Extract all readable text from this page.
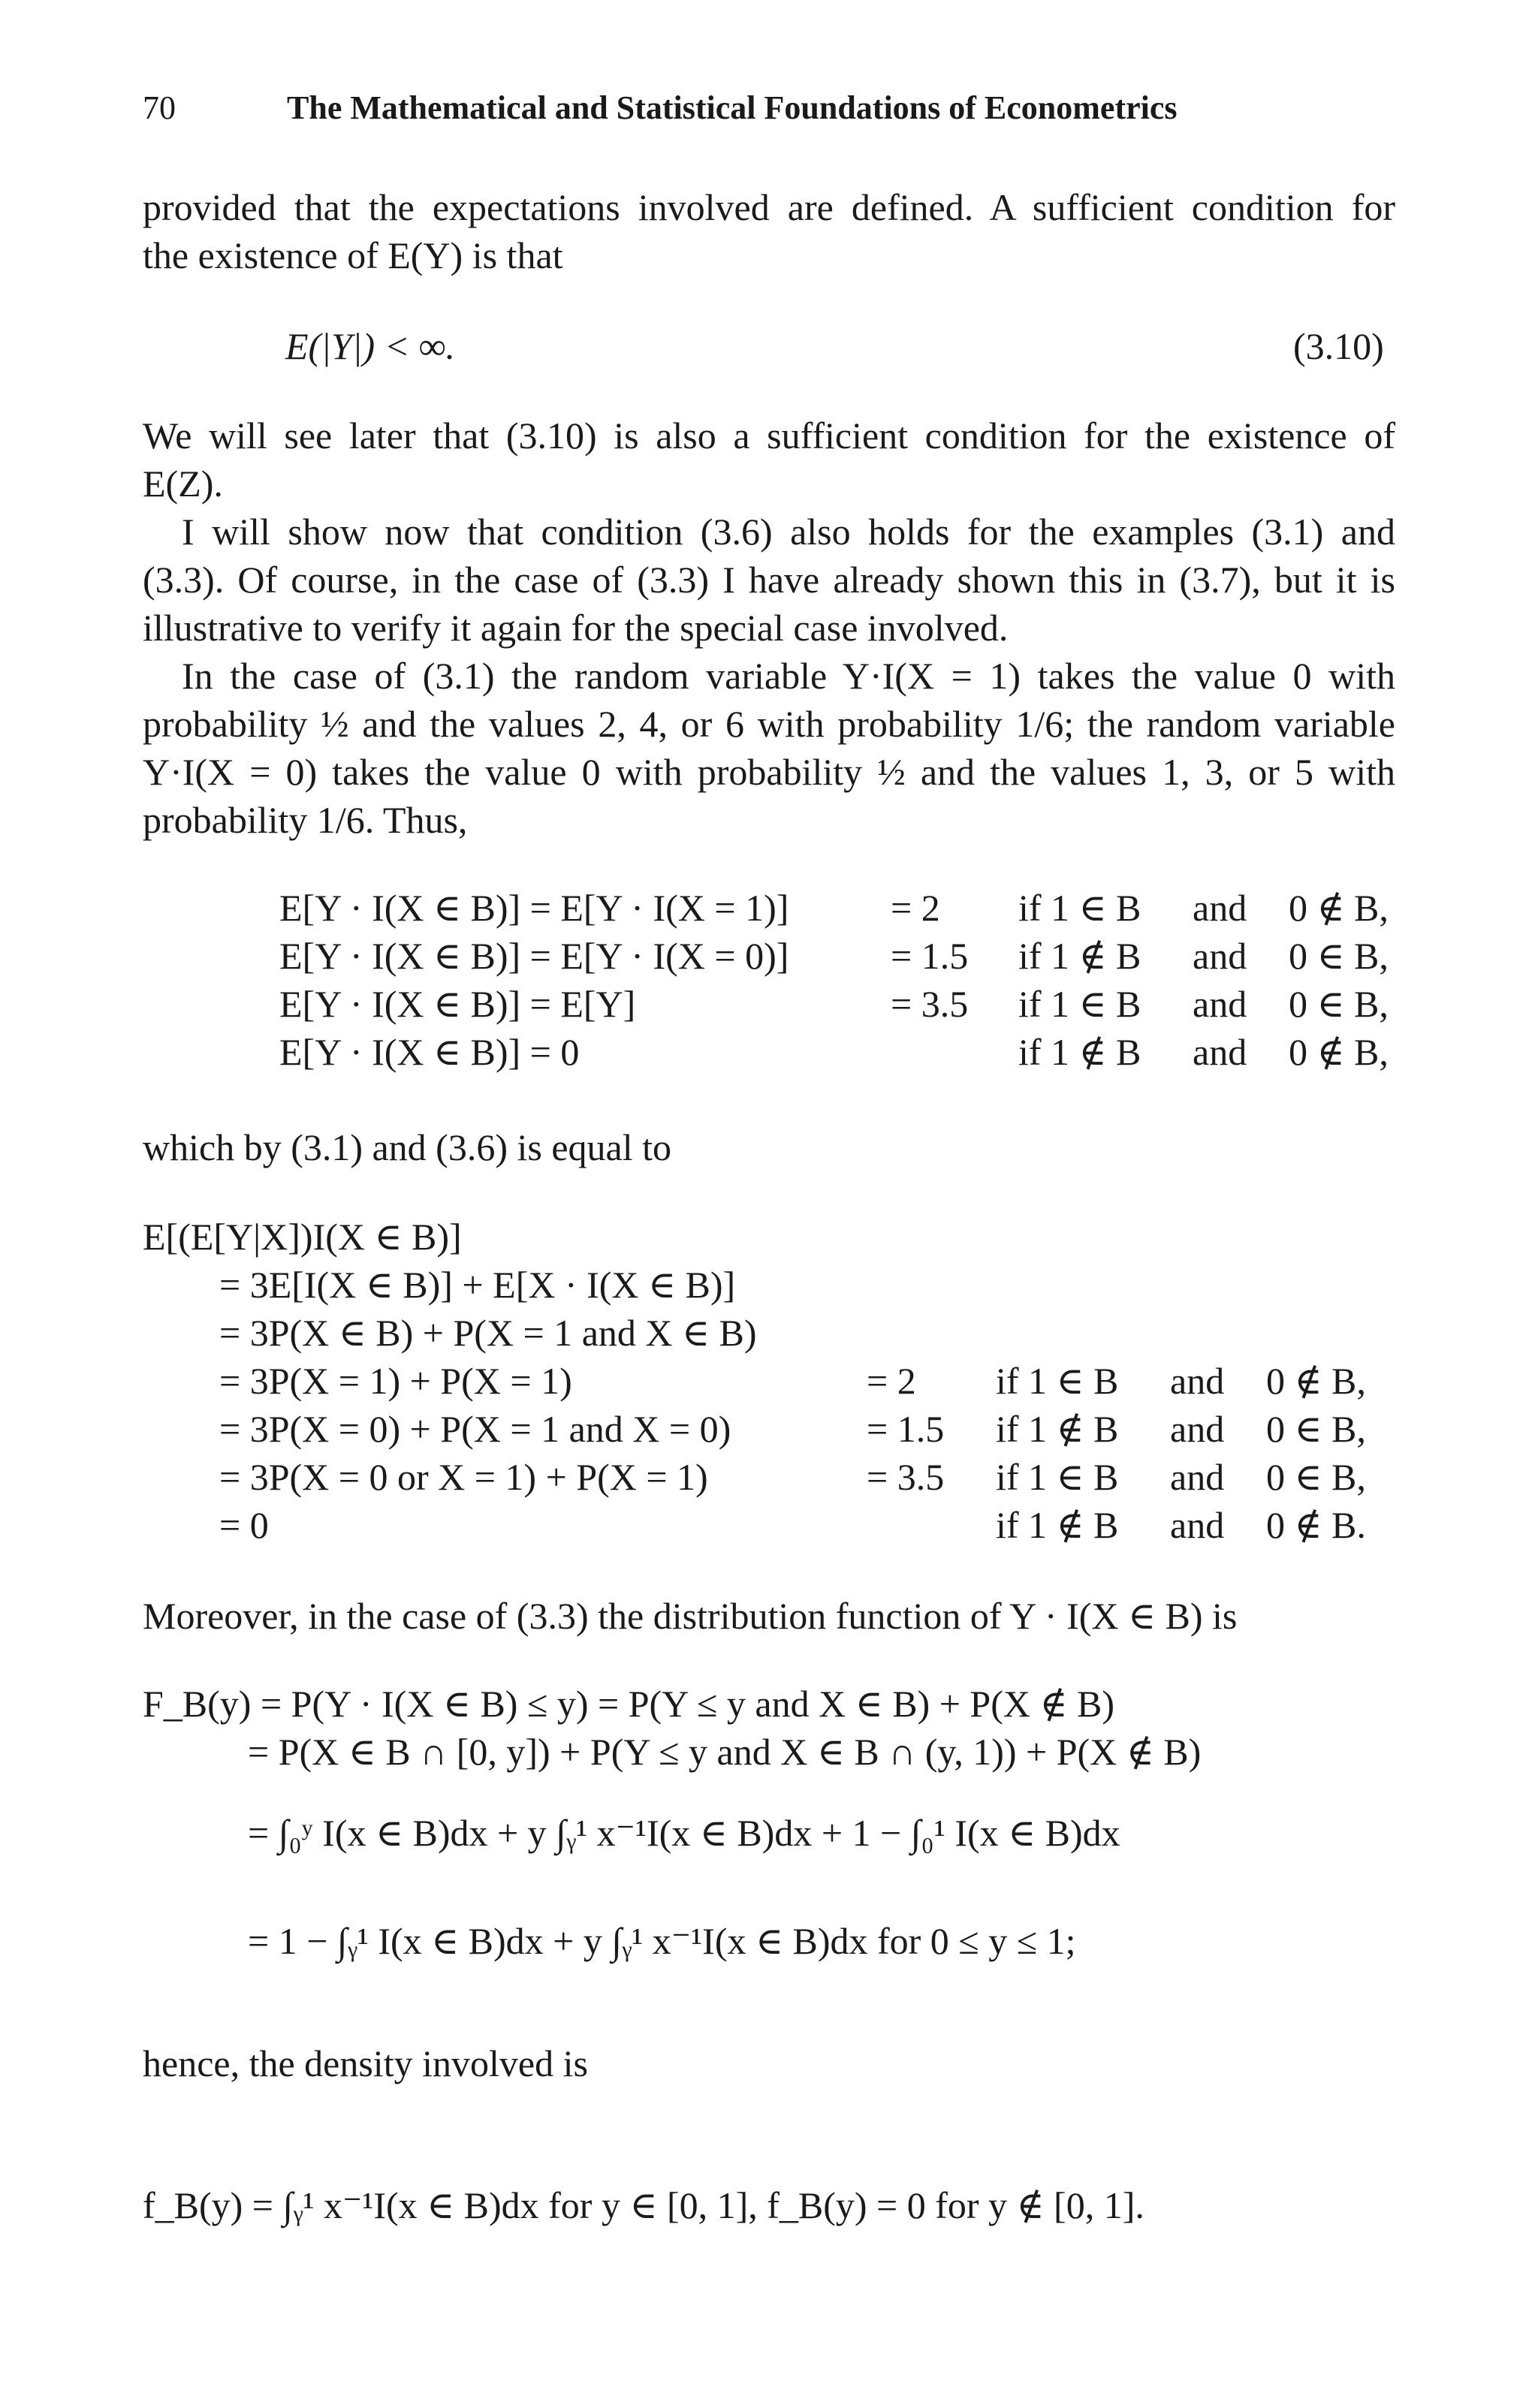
70	The Mathematical and Statistical Foundations of Econometrics

provided that the expectations involved are defined. A sufficient condition for
the existence of E(Y) is that

E(|Y|) < ∞.	(3.10)

We will see later that (3.10) is also a sufficient condition for the existence of
E(Z).

I will show now that condition (3.6) also holds for the examples (3.1) and
(3.3). Of course, in the case of (3.3) I have already shown this in (3.7), but it is
illustrative to verify it again for the special case involved.

In the case of (3.1) the random variable Y·I(X = 1) takes the value 0 with
probability ½ and the values 2, 4, or 6 with probability 1/6; the random variable
Y·I(X = 0) takes the value 0 with probability ½ and the values 1, 3, or 5 with
probability 1/6. Thus,

E[Y · I(X ∈ B)] = E[Y · I(X = 1)]	= 2 if 1 ∈ B and 0 ∉ B,
E[Y · I(X ∈ B)] = E[Y · I(X = 0)]	= 1.5 if 1 ∉ B and 0 ∈ B,
E[Y · I(X ∈ B)] = E[Y]	= 3.5 if 1 ∈ B and 0 ∈ B,
E[Y · I(X ∈ B)] = 0	if 1 ∉ B and 0 ∉ B,

which by (3.1) and (3.6) is equal to

E[(E[Y|X])I(X ∈ B)]
= 3E[I(X ∈ B)] + E[X · I(X ∈ B)]
= 3P(X ∈ B) + P(X = 1 and X ∈ B)
= 3P(X = 1) + P(X = 1)	= 2 if 1 ∈ B and 0 ∉ B,
= 3P(X = 0) + P(X = 1 and X = 0)	= 1.5 if 1 ∉ B and 0 ∈ B,
= 3P(X = 0 or X = 1) + P(X = 1)	= 3.5 if 1 ∈ B and 0 ∈ B,
= 0	if 1 ∉ B and 0 ∉ B.

Moreover, in the case of (3.3) the distribution function of Y · I(X ∈ B) is

F_B(y) = P(Y · I(X ∈ B) ≤ y) = P(Y ≤ y and X ∈ B) + P(X ∉ B)
= P(X ∈ B ∩ [0, y]) + P(Y ≤ y and X ∈ B ∩ (y, 1)) + P(X ∉ B)
= ∫₀ʸ I(x ∈ B)dx + y ∫ᵧ¹ x⁻¹I(x ∈ B)dx + 1 − ∫₀¹ I(x ∈ B)dx
= 1 − ∫ᵧ¹ I(x ∈ B)dx + y ∫ᵧ¹ x⁻¹I(x ∈ B)dx for 0 ≤ y ≤ 1;

hence, the density involved is

f_B(y) = ∫ᵧ¹ x⁻¹I(x ∈ B)dx for y ∈ [0, 1], f_B(y) = 0 for y ∉ [0, 1].
